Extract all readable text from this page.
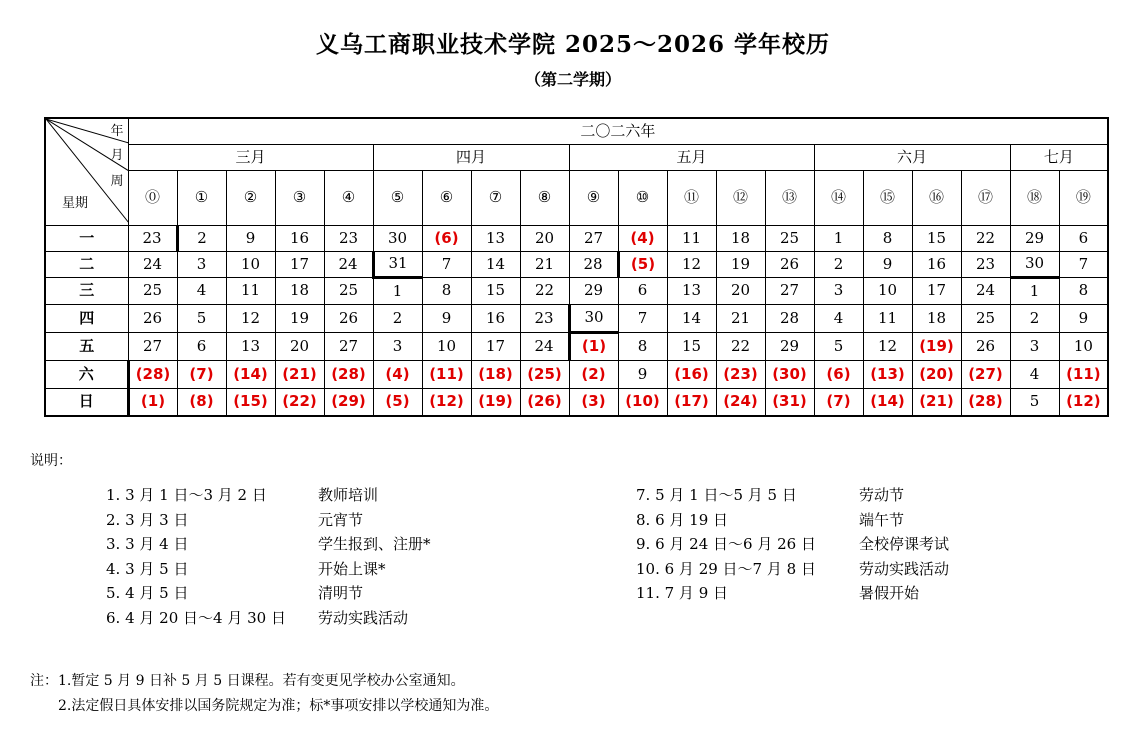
义乌工商职业技术学院 2025～2026 学年校历
（第二学期）
年
月
周
星期	二〇二六年																			
	三月					四月				五月					六月				七月	
	⓪	①	②	③	④	⑤	⑥	⑦	⑧	⑨	⑩	⑪	⑫	⑬	⑭	⑮	⑯	⑰	⑱	⑲
一	23	2	9	16	23	30	(6)	13	20	27	(4)	11	18	25	1	8	15	22	29	6
二	24	3	10	17	24	31	7	14	21	28	(5)	12	19	26	2	9	16	23	30	7
三	25	4	11	18	25	1	8	15	22	29	6	13	20	27	3	10	17	24	1	8
四	26	5	12	19	26	2	9	16	23	30	7	14	21	28	4	11	18	25	2	9
五	27	6	13	20	27	3	10	17	24	(1)	8	15	22	29	5	12	(19)	26	3	10
六	(28)	(7)	(14)	(21)	(28)	(4)	(11)	(18)	(25)	(2)	9	(16)	(23)	(30)	(6)	(13)	(20)	(27)	4	(11)
日	(1)	(8)	(15)	(22)	(29)	(5)	(12)	(19)	(26)	(3)	(10)	(17)	(24)	(31)	(7)	(14)	(21)	(28)	5	(12)
说明：
1. 3 月 1 日～3 月 2 日	教师培训
2. 3 月 3 日	元宵节
3. 3 月 4 日	学生报到、注册*
4. 3 月 5 日	开始上课*
5. 4 月 5 日	清明节
6. 4 月 20 日～4 月 30 日 劳动实践活动
7. 5 月 1 日～5 月 5 日	劳动节
8. 6 月 19 日	端午节
9. 6 月 24 日～6 月 26 日	全校停课考试
10. 6 月 29 日～7 月 8 日	劳动实践活动
11. 7 月 9 日	暑假开始
注：1.暂定 5 月 9 日补 5 月 5 日课程。若有变更见学校办公室通知。
　　2.法定假日具体安排以国务院规定为准；标*事项安排以学校通知为准。
